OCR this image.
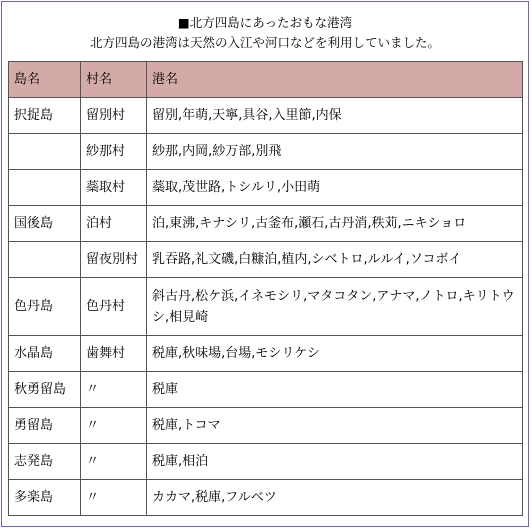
■北方四島にあったおもな港湾
北方四島の港湾は天然の入江や河口などを利用していました。
島名	村名	港名
択捉島	留別村	留別,年萌,天寧,具谷,入里節,内保
	紗那村	紗那,内岡,紗万部,別飛
	蘂取村	蘂取,茂世路,トシルリ,小田萌
国後島	泊村	泊,東沸,キナシリ,古釜布,瀬石,古丹消,秩苅,ニキショロ
	留夜別村	乳吞路,礼文磯,白糠泊,植内,シベトロ,ルルイ,ソコボイ
色丹島	色丹村	斜古丹,松ケ浜,イネモシリ,マタコタン,アナマ,ノトロ,キリトウシ,相見崎
水晶島	歯舞村	税庫,秋味場,台場,モシリケシ
秋勇留島	〃	税庫
勇留島	〃	税庫,トコマ
志発島	〃	税庫,相泊
多楽島	〃	カカマ,税庫,フルベツ
